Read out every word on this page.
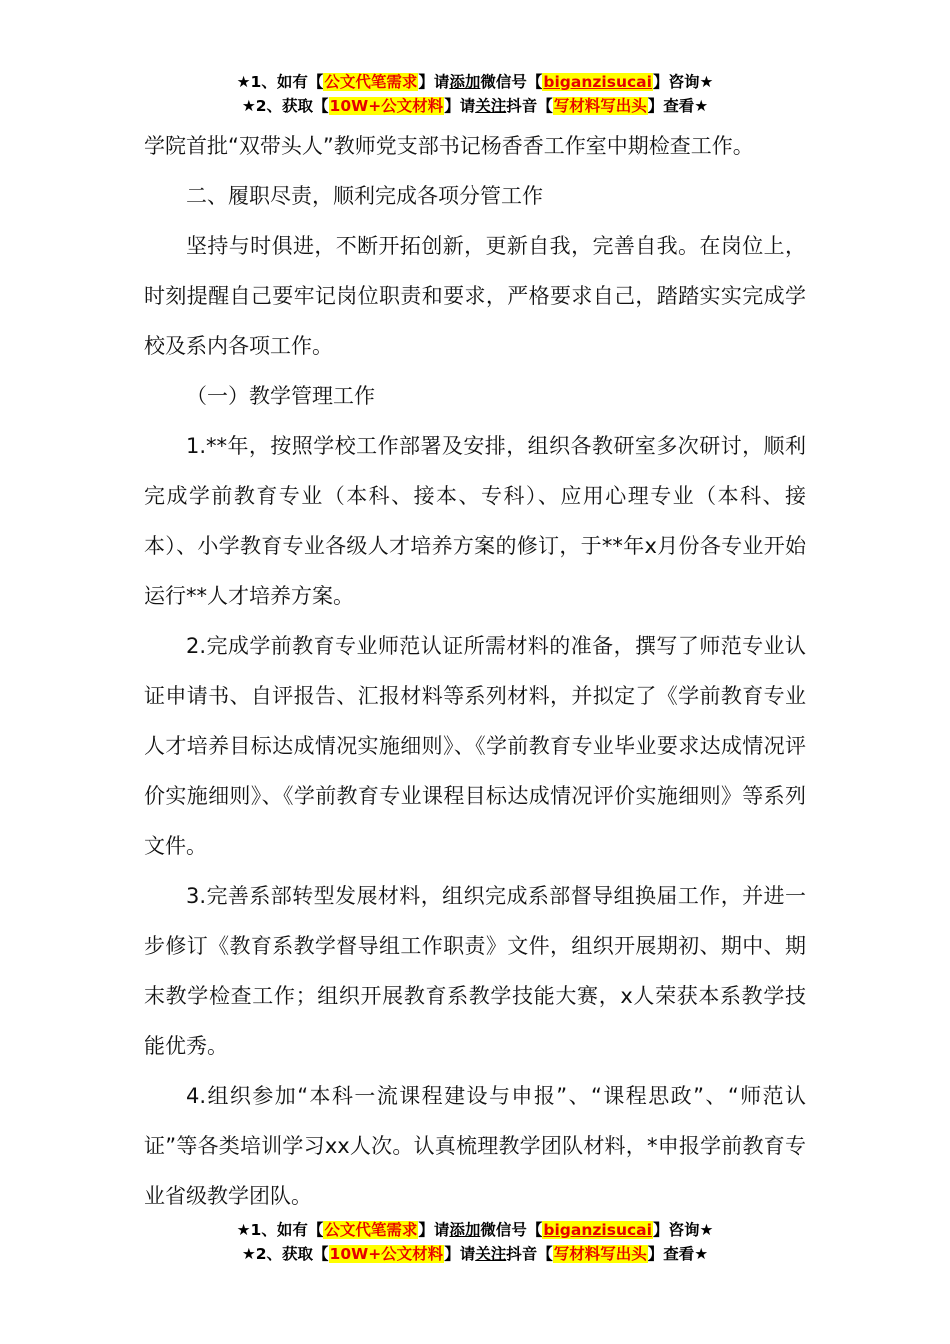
★1、如有【公文代笔需求】请添加微信号【biganzisucai】咨询★
★2、获取【10W+公文材料】请关注抖音【写材料写出头】查看★

学院首批“双带头人”教师党支部书记杨香香工作室中期检查工作。

二、履职尽责，顺利完成各项分管工作

坚持与时俱进，不断开拓创新，更新自我，完善自我。在岗位上，时刻提醒自己要牢记岗位职责和要求，严格要求自己，踏踏实实完成学校及系内各项工作。

（一）教学管理工作

1.**年，按照学校工作部署及安排，组织各教研室多次研讨，顺利完成学前教育专业（本科、接本、专科）、应用心理专业（本科、接本）、小学教育专业各级人才培养方案的修订，于**年x月份各专业开始运行**人才培养方案。

2.完成学前教育专业师范认证所需材料的准备，撰写了师范专业认证申请书、自评报告、汇报材料等系列材料，并拟定了《学前教育专业人才培养目标达成情况实施细则》、《学前教育专业毕业要求达成情况评价实施细则》、《学前教育专业课程目标达成情况评价实施细则》等系列文件。

3.完善系部转型发展材料，组织完成系部督导组换届工作，并进一步修订《教育系教学督导组工作职责》文件，组织开展期初、期中、期末教学检查工作；组织开展教育系教学技能大赛，x人荣获本系教学技能优秀。

4.组织参加“本科一流课程建设与申报”、“课程思政”、“师范认证”等各类培训学习xx人次。认真梳理教学团队材料，*申报学前教育专业省级教学团队。

★1、如有【公文代笔需求】请添加微信号【biganzisucai】咨询★
★2、获取【10W+公文材料】请关注抖音【写材料写出头】查看★
